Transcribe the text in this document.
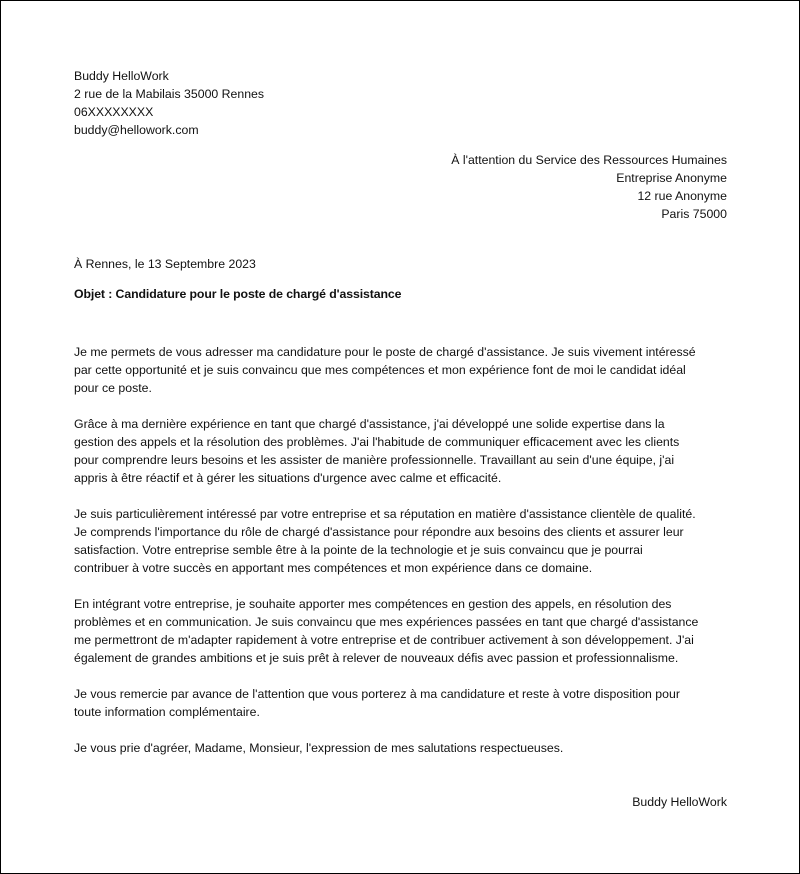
Buddy HelloWork
2 rue de la Mabilais 35000 Rennes
06XXXXXXXX
buddy@hellowork.com
À l'attention du Service des Ressources Humaines
Entreprise Anonyme
12 rue Anonyme
Paris 75000
À Rennes, le 13 Septembre 2023
Objet : Candidature pour le poste de chargé d'assistance
Je me permets de vous adresser ma candidature pour le poste de chargé d'assistance. Je suis vivement intéressé
par cette opportunité et je suis convaincu que mes compétences et mon expérience font de moi le candidat idéal
pour ce poste.
Grâce à ma dernière expérience en tant que chargé d'assistance, j'ai développé une solide expertise dans la
gestion des appels et la résolution des problèmes. J'ai l'habitude de communiquer efficacement avec les clients
pour comprendre leurs besoins et les assister de manière professionnelle. Travaillant au sein d'une équipe, j'ai
appris à être réactif et à gérer les situations d'urgence avec calme et efficacité.
Je suis particulièrement intéressé par votre entreprise et sa réputation en matière d'assistance clientèle de qualité.
Je comprends l'importance du rôle de chargé d'assistance pour répondre aux besoins des clients et assurer leur
satisfaction. Votre entreprise semble être à la pointe de la technologie et je suis convaincu que je pourrai
contribuer à votre succès en apportant mes compétences et mon expérience dans ce domaine.
En intégrant votre entreprise, je souhaite apporter mes compétences en gestion des appels, en résolution des
problèmes et en communication. Je suis convaincu que mes expériences passées en tant que chargé d'assistance
me permettront de m'adapter rapidement à votre entreprise et de contribuer activement à son développement. J'ai
également de grandes ambitions et je suis prêt à relever de nouveaux défis avec passion et professionnalisme.
Je vous remercie par avance de l'attention que vous porterez à ma candidature et reste à votre disposition pour
toute information complémentaire.
Je vous prie d'agréer, Madame, Monsieur, l'expression de mes salutations respectueuses.
Buddy HelloWork
